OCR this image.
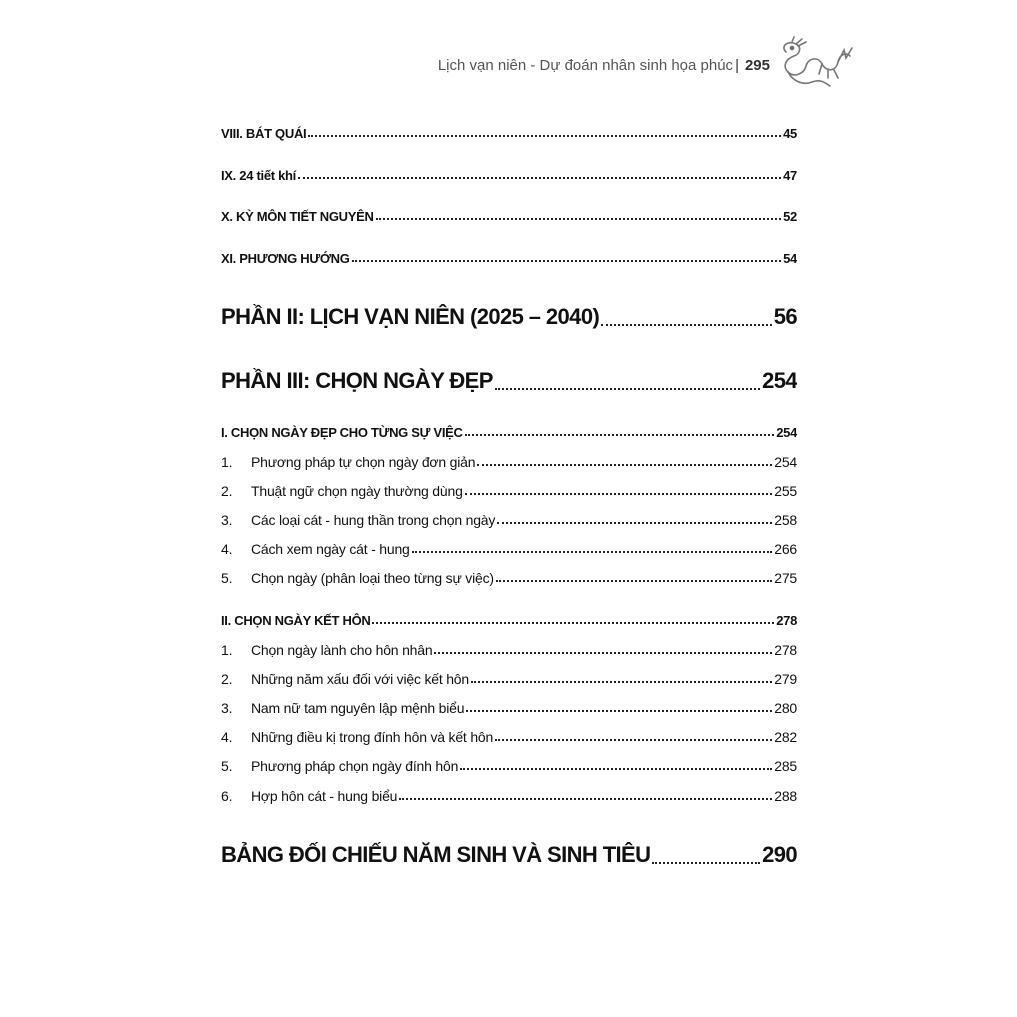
Lịch vạn niên - Dự đoán nhân sinh họa phúc | 295
VIII. BÁT QUÁI	45
IX. 24 tiết khí	47
X. KỲ MÔN TIẾT NGUYÊN	52
XI. PHƯƠNG HƯỚNG	54
PHẦN II: LỊCH VẠN NIÊN (2025 – 2040)	56
PHẦN III: CHỌN NGÀY ĐẸP	254
I. CHỌN NGÀY ĐẸP CHO TỪNG SỰ VIỆC	254
1. Phương pháp tự chọn ngày đơn giản	254
2. Thuật ngữ chọn ngày thường dùng	255
3. Các loại cát - hung thần trong chọn ngày	258
4. Cách xem ngày cát - hung	266
5. Chọn ngày (phân loại theo từng sự việc)	275
II. CHỌN NGÀY KẾT HÔN	278
1. Chọn ngày lành cho hôn nhân	278
2. Những năm xấu đối với việc kết hôn	279
3. Nam nữ tam nguyên lập mệnh biểu	280
4. Những điều kị trong đính hôn và kết hôn	282
5. Phương pháp chọn ngày đính hôn	285
6. Hợp hôn cát - hung biểu	288
BẢNG ĐỐI CHIẾU NĂM SINH VÀ SINH TIÊU	290
